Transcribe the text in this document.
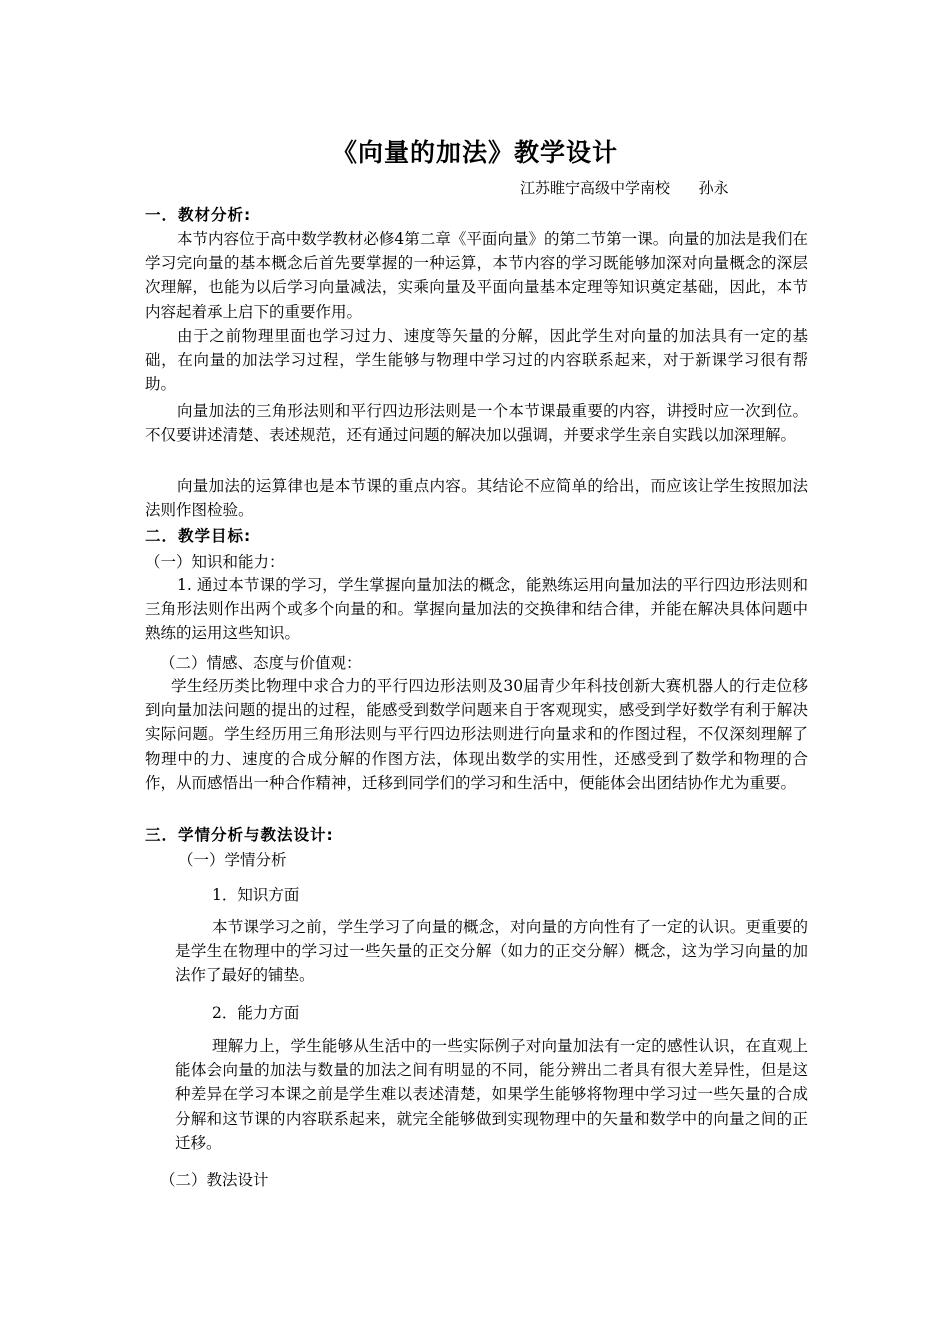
《向量的加法》教学设计
江苏睢宁高级中学南校      孙永
一．教材分析:

本节内容位于高中数学教材必修4第二章《平面向量》的第二节第一课。向量的加法是我们在学习完向量的基本概念后首先要掌握的一种运算，本节内容的学习既能够加深对向量概念的深层次理解，也能为以后学习向量减法，实乘向量及平面向量基本定理等知识奠定基础，因此，本节内容起着承上启下的重要作用。

由于之前物理里面也学习过力、速度等矢量的分解，因此学生对向量的加法具有一定的基础，在向量的加法学习过程，学生能够与物理中学习过的内容联系起来，对于新课学习很有帮助。

向量加法的三角形法则和平行四边形法则是一个本节课最重要的内容，讲授时应一次到位。不仅要讲述清楚、表述规范，还有通过问题的解决加以强调，并要求学生亲自实践以加深理解。

向量加法的运算律也是本节课的重点内容。其结论不应简单的给出，而应该让学生按照加法法则作图检验。

二．教学目标:
（一）知识和能力：

1. 通过本节课的学习，学生掌握向量加法的概念，能熟练运用向量加法的平行四边形法则和三角形法则作出两个或多个向量的和。掌握向量加法的交换律和结合律，并能在解决具体问题中熟练的运用这些知识。

（二）情感、态度与价值观：

学生经历类比物理中求合力的平行四边形法则及30届青少年科技创新大赛机器人的行走位移到向量加法问题的提出的过程，能感受到数学问题来自于客观现实，感受到学好数学有利于解决实际问题。学生经历用三角形法则与平行四边形法则进行向量求和的作图过程，不仅深刻理解了物理中的力、速度的合成分解的作图方法，体现出数学的实用性，还感受到了数学和物理的合作，从而感悟出一种合作精神，迁移到同学们的学习和生活中，便能体会出团结协作尤为重要。

三．学情分析与教法设计:
（一）学情分析
1．知识方面

本节课学习之前，学生学习了向量的概念，对向量的方向性有了一定的认识。更重要的是学生在物理中的学习过一些矢量的正交分解（如力的正交分解）概念，这为学习向量的加法作了最好的铺垫。

2．能力方面

理解力上，学生能够从生活中的一些实际例子对向量加法有一定的感性认识，在直观上能体会向量的加法与数量的加法之间有明显的不同，能分辨出二者具有很大差异性，但是这种差异在学习本课之前是学生难以表述清楚，如果学生能够将物理中学习过一些矢量的合成分解和这节课的内容联系起来，就完全能够做到实现物理中的矢量和数学中的向量之间的正迁移。

（二）教法设计
